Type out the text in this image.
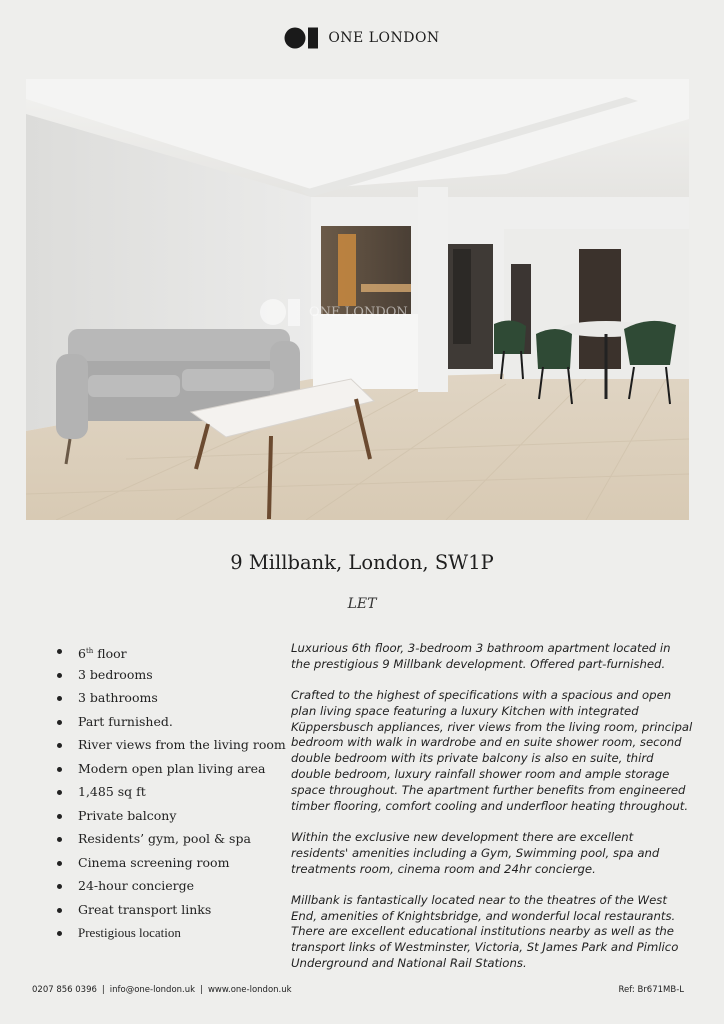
ONE LONDON
ONE LONDON
9 Millbank, London, SW1P
LET
6th floor
3 bedrooms
3 bathrooms
Part furnished.
River views from the living room
Modern open plan living area
1,485 sq ft
Private balcony
Residents’ gym, pool & spa
Cinema screening room
24-hour concierge
Great transport links
Prestigious location

Luxurious 6th floor, 3-bedroom 3 bathroom apartment located in the prestigious 9 Millbank development. Offered part-furnished.

Crafted to the highest of specifications with a spacious and open plan living space featuring a luxury Kitchen with integrated Küppersbusch appliances, river views from the living room, principal bedroom with walk in wardrobe and en suite shower room, second double bedroom with its private balcony is also en suite, third double bedroom, luxury rainfall shower room and ample storage space throughout. The apartment further benefits from engineered timber flooring, comfort cooling and underfloor heating throughout.

Within the exclusive new development there are excellent residents' amenities including a Gym, Swimming pool, spa and treatments room, cinema room and 24hr concierge.

Millbank is fantastically located near to the theatres of the West End, amenities of Knightsbridge, and wonderful local restaurants. There are excellent educational institutions nearby as well as the transport links of Westminster, Victoria, St James Park and Pimlico Underground and National Rail Stations.

0207 856 0396 | info@one-london.uk | www.one-london.uk	Ref: Br671MB-L
